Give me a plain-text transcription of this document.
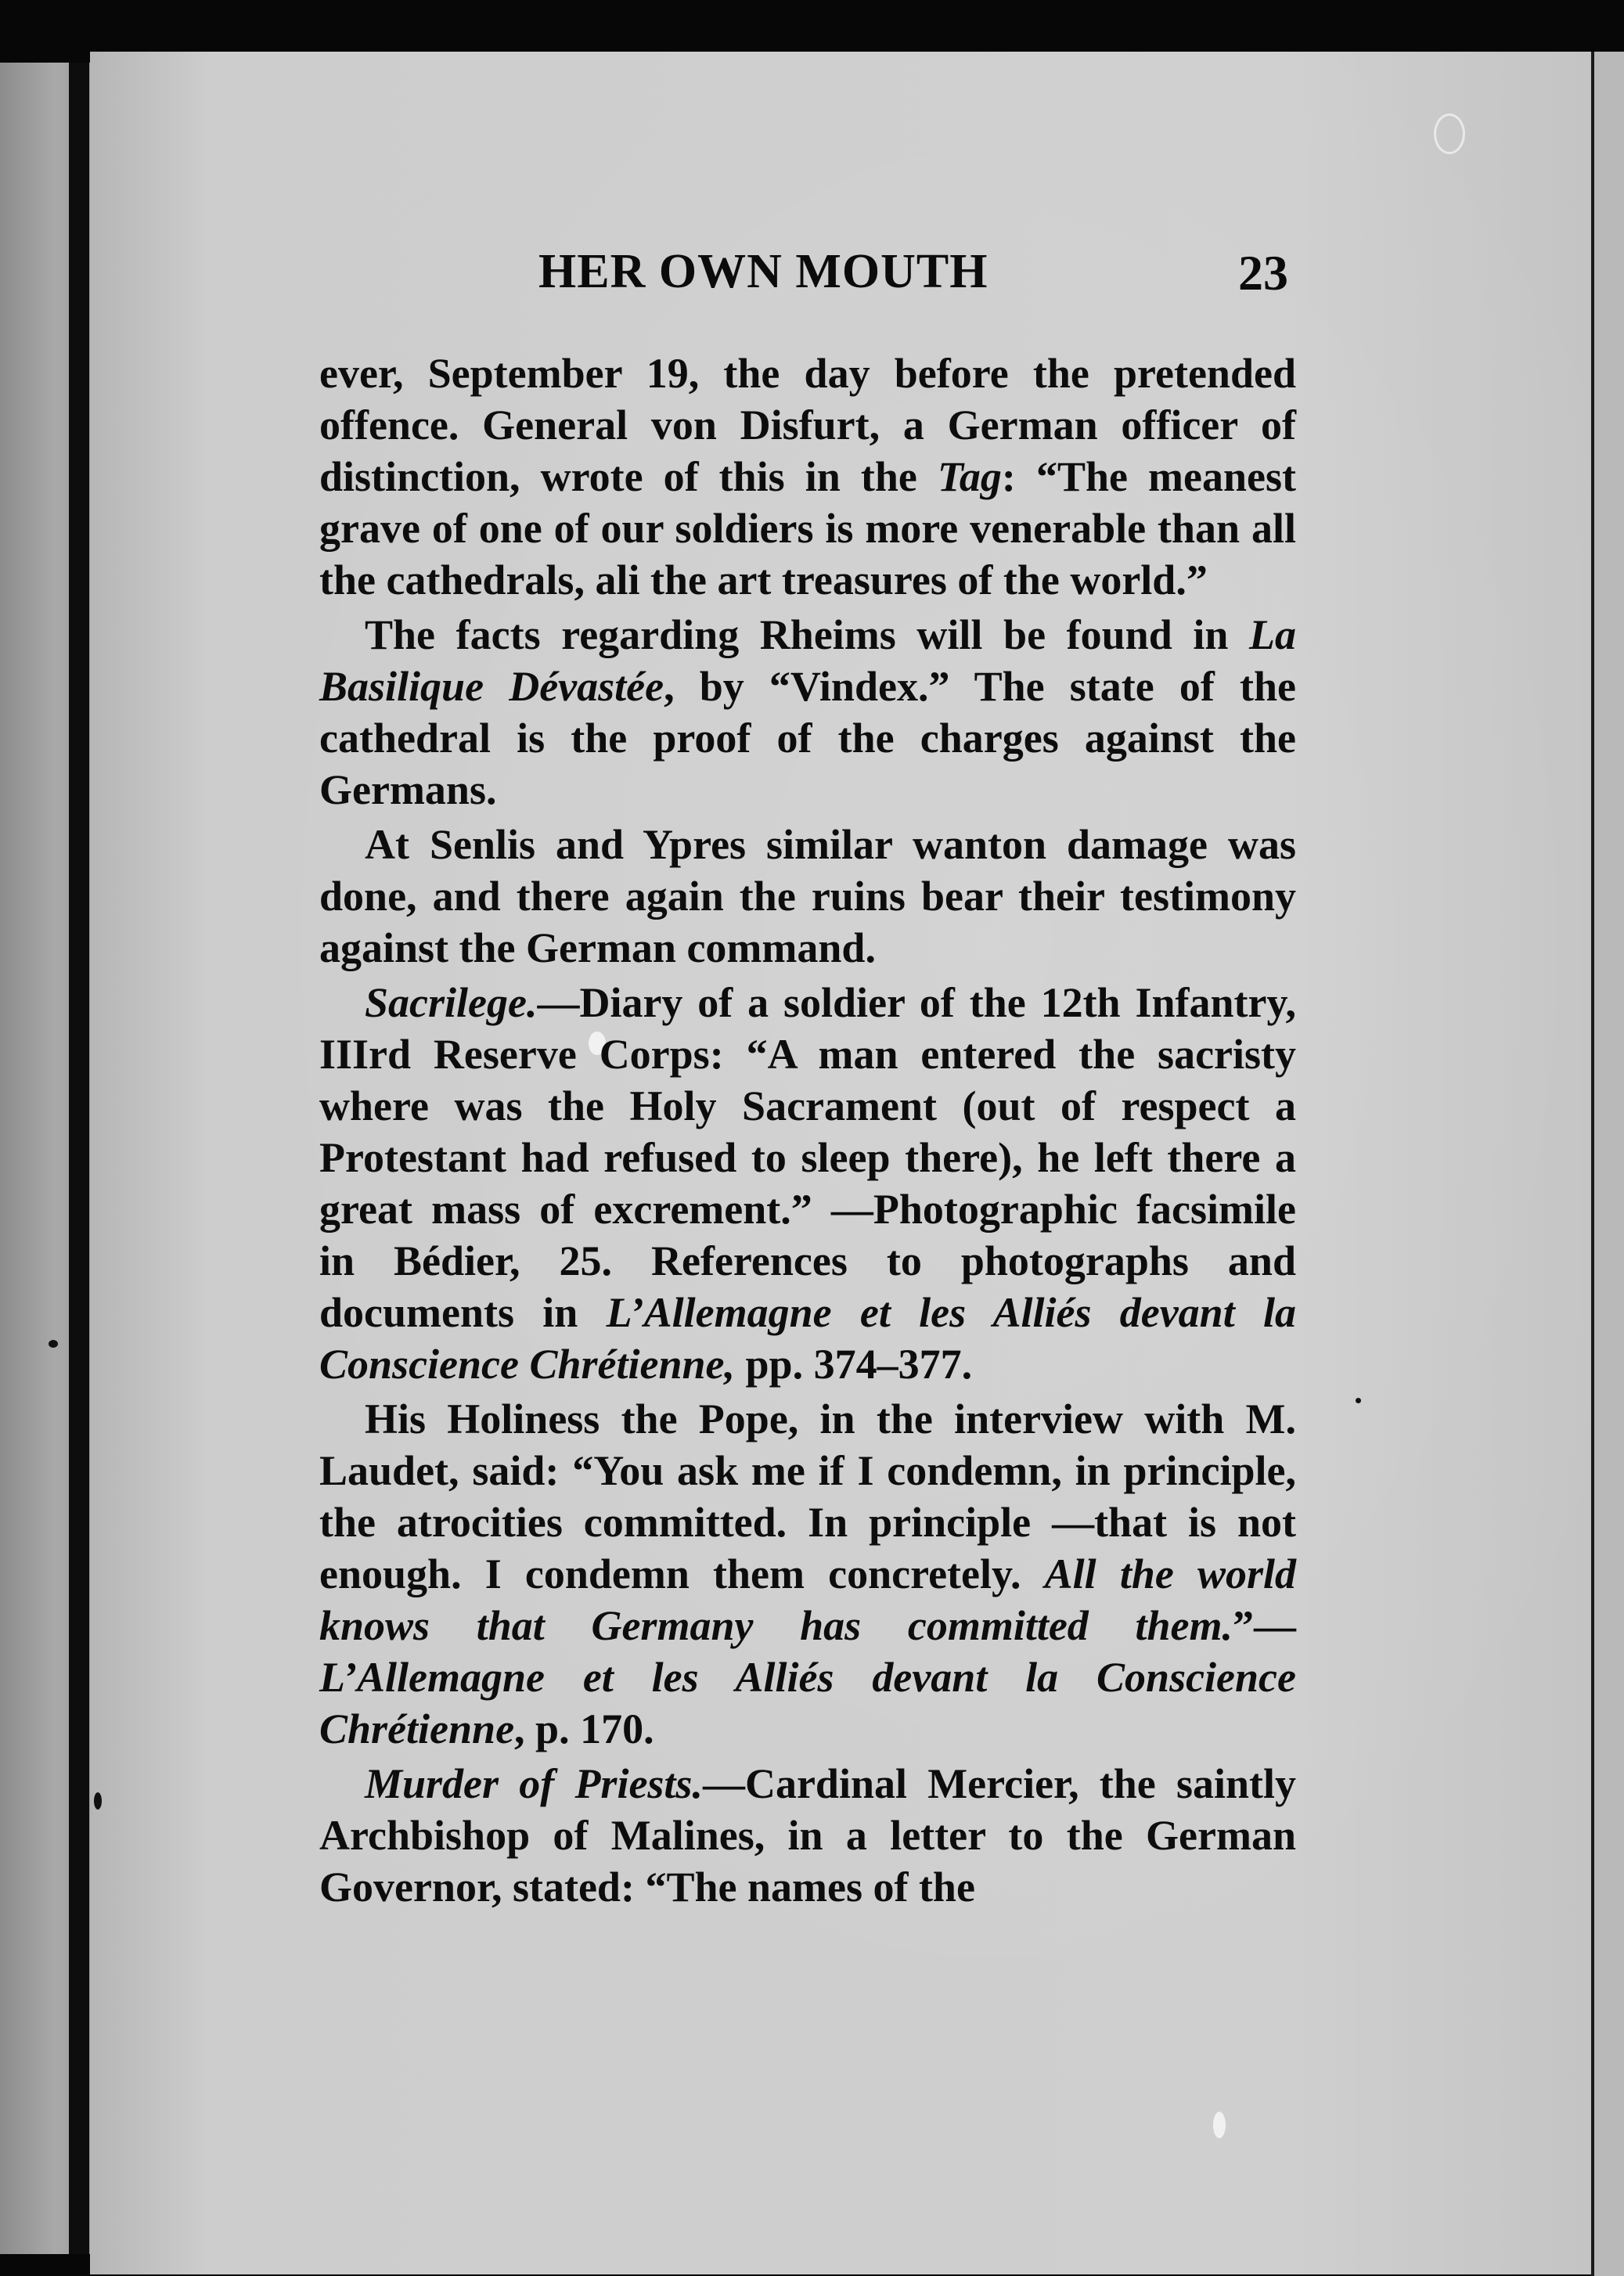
HER OWN MOUTH	23

ever, September 19, the day before the pretended offence. General von Disfurt, a German officer of distinction, wrote of this in the Tag: “The meanest grave of one of our soldiers is more venerable than all the cathedrals, ali the art treasures of the world.”

The facts regarding Rheims will be found in La Basilique Dévastée, by “Vindex.” The state of the cathedral is the proof of the charges against the Germans.

At Senlis and Ypres similar wanton damage was done, and there again the ruins bear their testimony against the German command.

Sacrilege.—Diary of a soldier of the 12th Infantry, IIIrd Reserve Corps: “A man entered the sacristy where was the Holy Sacrament (out of respect a Protestant had refused to sleep there), he left there a great mass of excrement.” —Photographic facsimile in Bédier, 25. References to photographs and documents in L’Allemagne et les Alliés devant la Conscience Chrétienne, pp. 374–377.

His Holiness the Pope, in the interview with M. Laudet, said: “You ask me if I condemn, in principle, the atrocities committed. In principle —that is not enough. I condemn them concretely. All the world knows that Germany has committed them.”—L’Allemagne et les Alliés devant la Conscience Chrétienne, p. 170.

Murder of Priests.—Cardinal Mercier, the saintly Archbishop of Malines, in a letter to the German Governor, stated: “The names of the
